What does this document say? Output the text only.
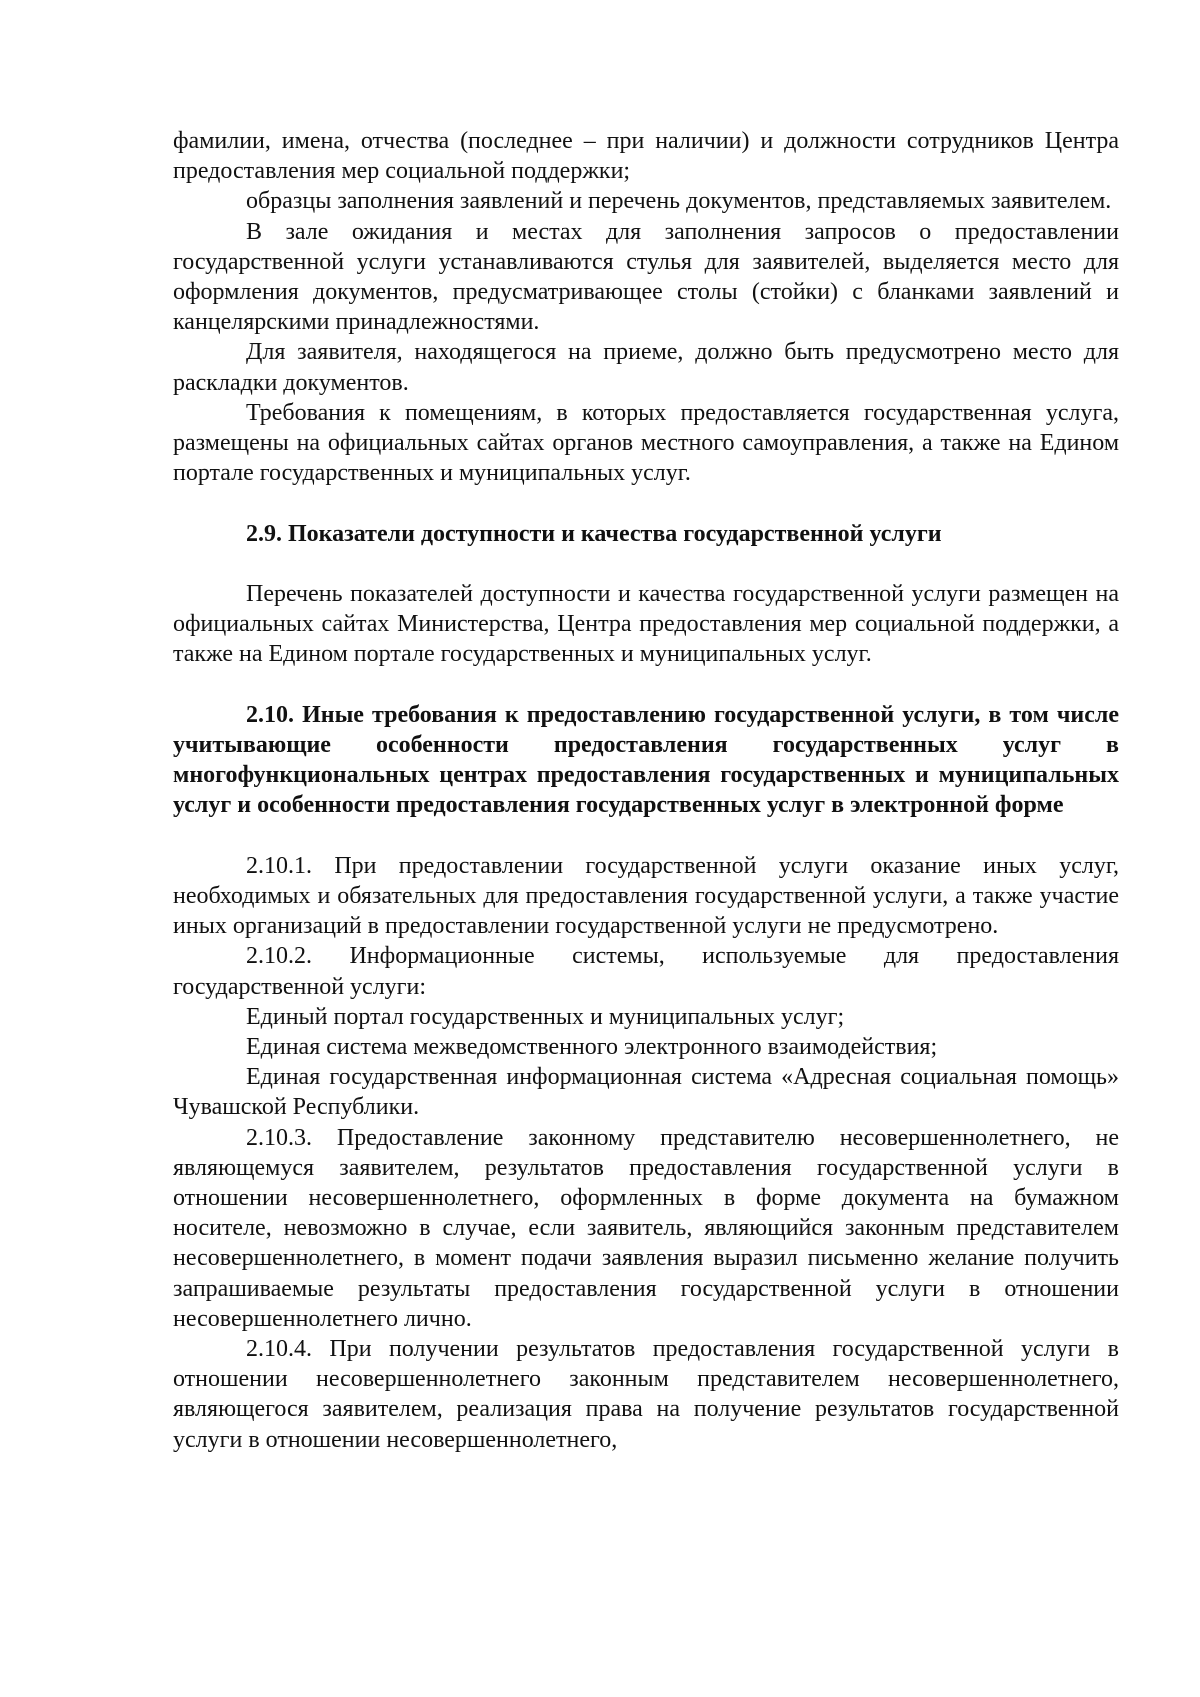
фамилии, имена, отчества (последнее – при наличии) и должности сотрудников Центра предоставления мер социальной поддержки;

образцы заполнения заявлений и перечень документов, представляемых заявителем.

В зале ожидания и местах для заполнения запросов о предоставлении государственной услуги устанавливаются стулья для заявителей, выделяется место для оформления документов, предусматривающее столы (стойки) с бланками заявлений и канцелярскими принадлежностями.

Для заявителя, находящегося на приеме, должно быть предусмотрено место для раскладки документов.

Требования к помещениям, в которых предоставляется государственная услуга, размещены на официальных сайтах органов местного самоуправления, а также на Едином портале государственных и муниципальных услуг.

2.9. Показатели доступности и качества государственной услуги

Перечень показателей доступности и качества государственной услуги размещен на официальных сайтах Министерства, Центра предоставления мер социальной поддержки, а также на Едином портале государственных и муниципальных услуг.

2.10. Иные требования к предоставлению государственной услуги, в том числе учитывающие особенности предоставления государственных услуг в многофункциональных центрах предоставления государственных и муниципальных услуг и особенности предоставления государственных услуг в электронной форме

2.10.1. При предоставлении государственной услуги оказание иных услуг, необходимых и обязательных для предоставления государственной услуги, а также участие иных организаций в предоставлении государственной услуги не предусмотрено.

2.10.2. Информационные системы, используемые для предоставления государственной услуги:

Единый портал государственных и муниципальных услуг;

Единая система межведомственного электронного взаимодействия;

Единая государственная информационная система «Адресная социальная помощь» Чувашской Республики.

2.10.3. Предоставление законному представителю несовершеннолетнего, не являющемуся заявителем, результатов предоставления государственной услуги в отношении несовершеннолетнего, оформленных в форме документа на бумажном носителе, невозможно в случае, если заявитель, являющийся законным представителем несовершеннолетнего, в момент подачи заявления выразил письменно желание получить запрашиваемые результаты предоставления государственной услуги в отношении несовершеннолетнего лично.

2.10.4. При получении результатов предоставления государственной услуги в отношении несовершеннолетнего законным представителем несовершеннолетнего, являющегося заявителем, реализация права на получение результатов государственной услуги в отношении несовершеннолетнего,
